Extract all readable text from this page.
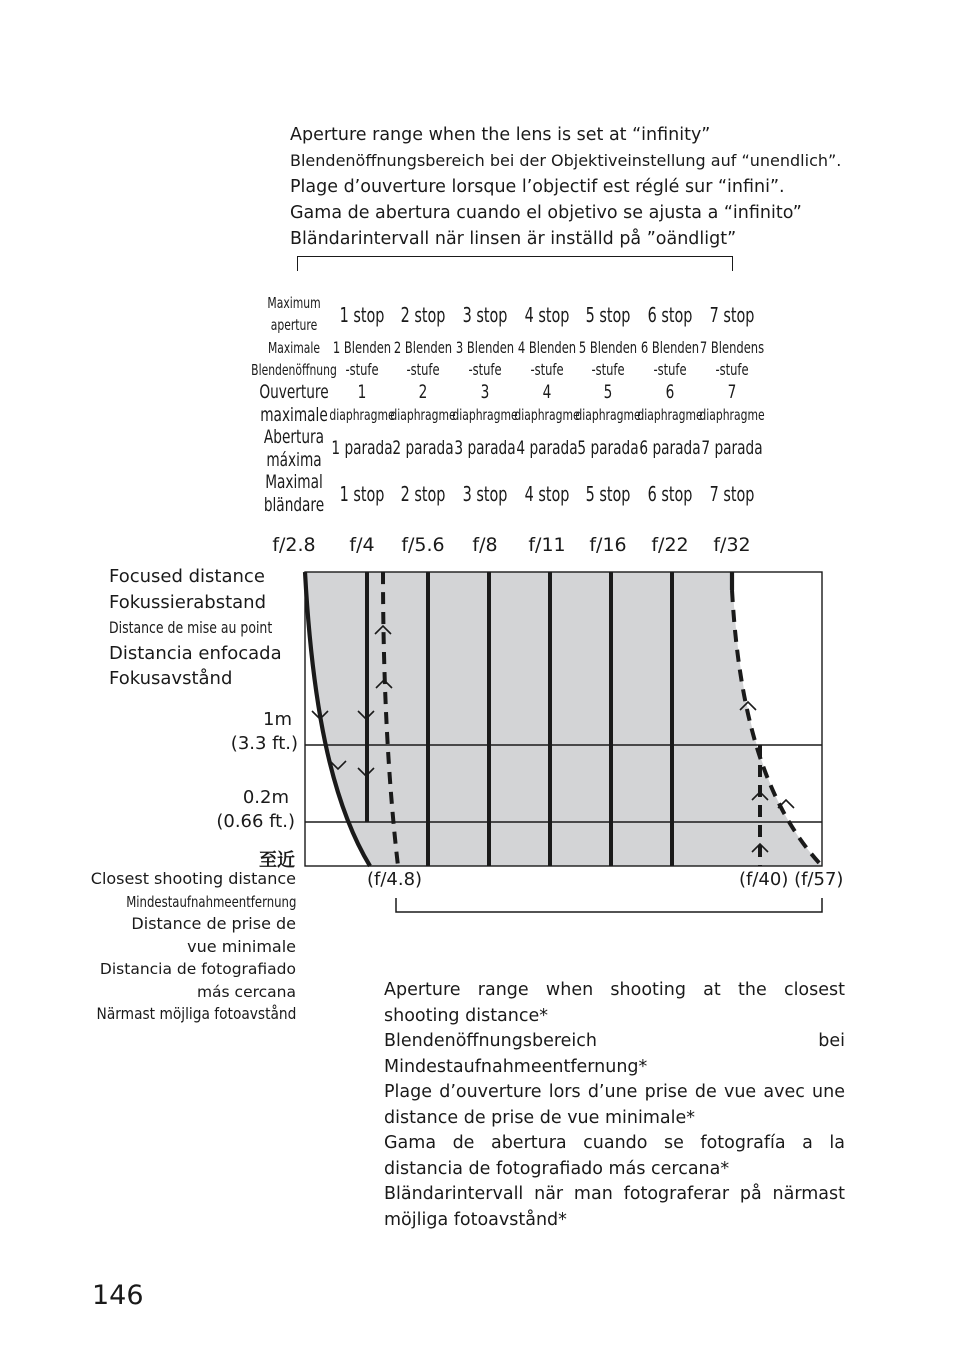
Aperture range when the lens is set at “infinity”
Blendenöffnungsbereich bei der Objektiveinstellung auf “unendlich”.
Plage d’ouverture lorsque l’objectif est réglé sur “infini”.
Gama de abertura cuando el objetivo se ajusta a “infinito”
Bländarintervall när linsen är inställd på ”oändligt”
Maximum
aperture
Maximale
Blendenöffnung
Ouverture
maximale
Abertura
máxima
Maximal
bländare
1 stop
1 Blenden
-stufe
1
diaphragme
1 parada
1 stop
2 stop
2 Blenden
-stufe
2
diaphragme
2 parada
2 stop
3 stop
3 Blenden
-stufe
3
diaphragme
3 parada
3 stop
4 stop
4 Blenden
-stufe
4
diaphragme
4 parada
4 stop
5 stop
5 Blenden
-stufe
5
diaphragme
5 parada
5 stop
6 stop
6 Blenden
-stufe
6
diaphragme
6 parada
6 stop
7 stop
7 Blendens
-stufe
7
diaphragme
7 parada
7 stop
f/2.8 f/4 f/5.6 f/8 f/11 f/16 f/22 f/32
Focused distance
Fokussierabstand
Distance de mise au point
Distancia enfocada
Fokusavstånd
1m
(3.3 ft.)
0.2m
(0.66 ft.)
至近
Closest shooting distance
Mindestaufnahmeentfernung
Distance de prise de
vue minimale
Distancia de fotografiado
más cercana
Närmast möjliga fotoavstånd
(f/4.8)	(f/40) (f/57)
Aperture range when shooting at the closest shooting distance*
Blendenöffnungsbereich bei Mindestaufnahmeentfernung*
Plage d’ouverture lors d’une prise de vue avec une distance de prise de vue minimale*
Gama de abertura cuando se fotografía a la distancia de fotografiado más cercana*
Bländarintervall när man fotograferar på närmast möjliga fotoavstånd*
146
